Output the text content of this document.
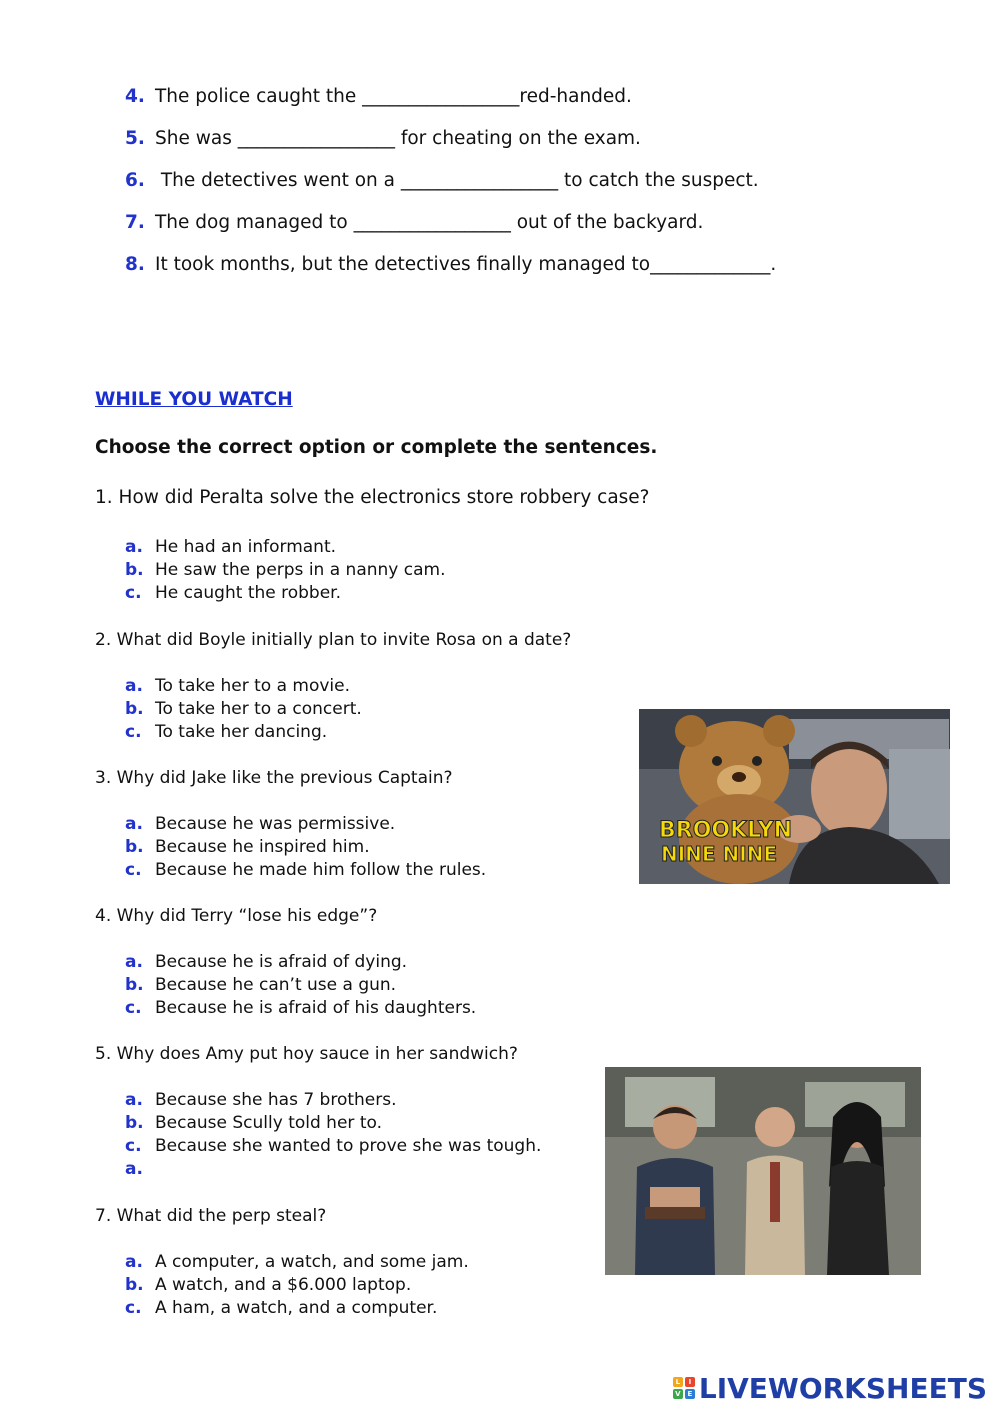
4. The police caught the _________________red-handed.
5. She was _________________ for cheating on the exam.
6. The detectives went on a _________________ to catch the suspect.
7. The dog managed to _________________ out of the backyard.
8. It took months, but the detectives finally managed to_____________.
WHILE YOU WATCH
Choose the correct option or complete the sentences.
1. How did Peralta solve the electronics store robbery case?
a. He had an informant.
b. He saw the perps in a nanny cam.
c. He caught the robber.
2. What did Boyle initially plan to invite Rosa on a date?
a. To take her to a movie.
b. To take her to a concert.
c. To take her dancing.
3. Why did Jake like the previous Captain?
a. Because he was permissive.
b. Because he inspired him.
c. Because he made him follow the rules.
4. Why did Terry “lose his edge”?
a. Because he is afraid of dying.
b. Because he can’t use a gun.
c. Because he is afraid of his daughters.
5. Why does Amy put hoy sauce in her sandwich?
a. Because she has 7 brothers.
b. Because Scully told her to.
c. Because she wanted to prove she was tough.
a.
7. What did the perp steal?
a. A computer, a watch, and some jam.
b. A watch, and a $6.000 laptop.
c. A ham, a watch, and a computer.
BROOKLYN
NINE NINE
L	I
V E LIVEWORKSHEETS
